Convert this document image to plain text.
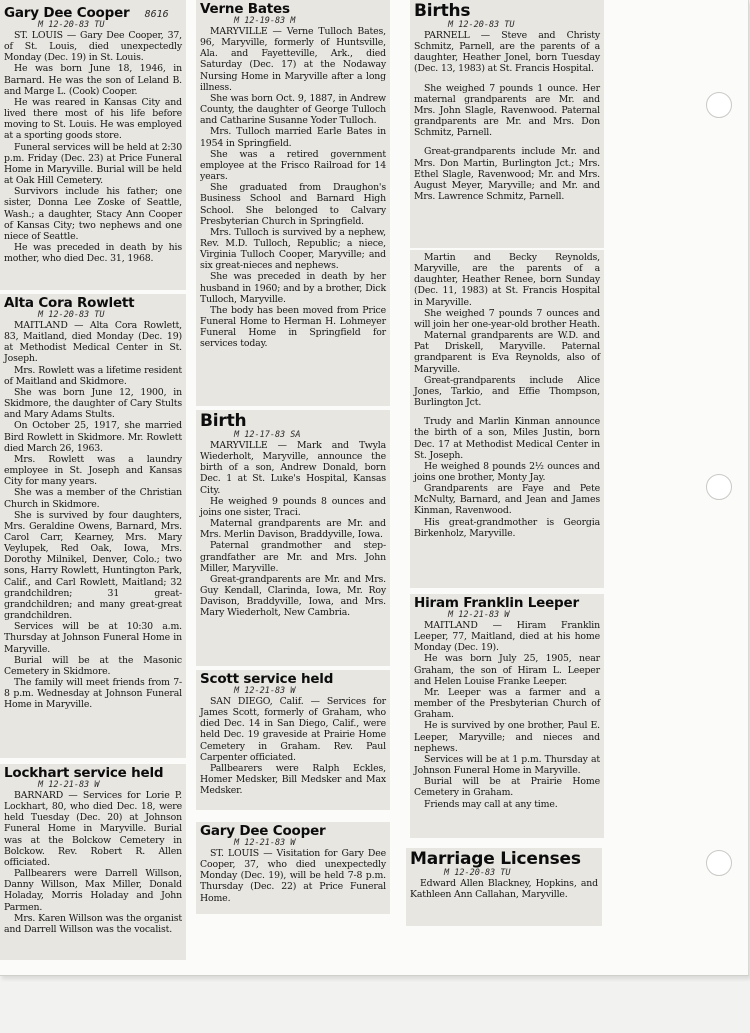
Gary Dee Cooper 8616
M 12-20-83 TU

ST. LOUIS — Gary Dee Cooper, 37, of St. Louis, died unexpectedly Monday (Dec. 19) in St. Louis.

He was born June 18, 1946, in Barnard. He was the son of Leland B. and Marge L. (Cook) Cooper.

He was reared in Kansas City and lived there most of his life before moving to St. Louis. He was employed at a sporting goods store.

Funeral services will be held at 2:30 p.m. Friday (Dec. 23) at Price Funeral Home in Maryville. Burial will be held at Oak Hill Cemetery.

Survivors include his father; one sister, Donna Lee Zoske of Seattle, Wash.; a daughter, Stacy Ann Cooper of Kansas City; two nephews and one niece of Seattle.

He was preceded in death by his mother, who died Dec. 31, 1968.

Alta Cora Rowlett
M 12-20-83 TU

MAITLAND — Alta Cora Rowlett, 83, Maitland, died Monday (Dec. 19) at Methodist Medical Center in St. Joseph.

Mrs. Rowlett was a lifetime resident of Maitland and Skidmore.

She was born June 12, 1900, in Skidmore, the daughter of Cary Stults and Mary Adams Stults.

On October 25, 1917, she married Bird Rowlett in Skidmore. Mr. Rowlett died March 26, 1963.

Mrs. Rowlett was a laundry employee in St. Joseph and Kansas City for many years.

She was a member of the Christian Church in Skidmore.

She is survived by four daughters, Mrs. Geraldine Owens, Barnard, Mrs. Carol Carr, Kearney, Mrs. Mary Veylupek, Red Oak, Iowa, Mrs. Dorothy Milnikel, Denver, Colo.; two sons, Harry Rowlett, Huntington Park, Calif., and Carl Rowlett, Maitland; 32 grandchildren; 31 great-grandchildren; and many great-great grandchildren.

Services will be at 10:30 a.m. Thursday at Johnson Funeral Home in Maryville.

Burial will be at the Masonic Cemetery in Skidmore.

The family will meet friends from 7-8 p.m. Wednesday at Johnson Funeral Home in Maryville.

Lockhart service held
M 12-21-83 W

BARNARD — Services for Lorie P. Lockhart, 80, who died Dec. 18, were held Tuesday (Dec. 20) at Johnson Funeral Home in Maryville. Burial was at the Bolckow Cemetery in Bolckow. Rev. Robert R. Allen officiated.

Pallbearers were Darrell Willson, Danny Willson, Max Miller, Donald Holaday, Morris Holaday and John Parmen.

Mrs. Karen Willson was the organist and Darrell Willson was the vocalist.

Verne Bates
M 12-19-83 M

MARYVILLE — Verne Tulloch Bates, 96, Maryville, formerly of Huntsville, Ala. and Fayetteville, Ark., died Saturday (Dec. 17) at the Nodaway Nursing Home in Maryville after a long illness.

She was born Oct. 9, 1887, in Andrew County, the daughter of George Tulloch and Catharine Susanne Yoder Tulloch.

Mrs. Tulloch married Earle Bates in 1954 in Springfield.

She was a retired government employee at the Frisco Railroad for 14 years.

She graduated from Draughon's Business School and Barnard High School. She belonged to Calvary Presbyterian Church in Springfield.

Mrs. Tulloch is survived by a nephew, Rev. M.D. Tulloch, Republic; a niece, Virginia Tulloch Cooper, Maryville; and six great-nieces and nephews.

She was preceded in death by her husband in 1960; and by a brother, Dick Tulloch, Maryville.

The body has been moved from Price Funeral Home to Herman H. Lohmeyer Funeral Home in Springfield for services today.

Birth
M 12-17-83 SA

MARYVILLE — Mark and Twyla Wiederholt, Maryville, announce the birth of a son, Andrew Donald, born Dec. 1 at St. Luke's Hospital, Kansas City.

He weighed 9 pounds 8 ounces and joins one sister, Traci.

Maternal grandparents are Mr. and Mrs. Merlin Davison, Braddyville, Iowa.

Paternal grandmother and step-grandfather are Mr. and Mrs. John Miller, Maryville.

Great-grandparents are Mr. and Mrs. Guy Kendall, Clarinda, Iowa, Mr. Roy Davison, Braddyville, Iowa, and Mrs. Mary Wiederholt, New Cambria.

Scott service held
M 12-21-83 W

SAN DIEGO, Calif. — Services for James Scott, formerly of Graham, who died Dec. 14 in San Diego, Calif., were held Dec. 19 graveside at Prairie Home Cemetery in Graham. Rev. Paul Carpenter officiated.

Pallbearers were Ralph Eckles, Homer Medsker, Bill Medsker and Max Medsker.

Gary Dee Cooper
M 12-21-83 W

ST. LOUIS — Visitation for Gary Dee Cooper, 37, who died unexpectedly Monday (Dec. 19), will be held 7-8 p.m. Thursday (Dec. 22) at Price Funeral Home.

Births
M 12-20-83 TU

PARNELL — Steve and Christy Schmitz, Parnell, are the parents of a daughter, Heather Jonel, born Tuesday (Dec. 13, 1983) at St. Francis Hospital.

She weighed 7 pounds 1 ounce. Her maternal grandparents are Mr. and Mrs. John Slagle, Ravenwood. Paternal grandparents are Mr. and Mrs. Don Schmitz, Parnell.

Great-grandparents include Mr. and Mrs. Don Martin, Burlington Jct.; Mrs. Ethel Slagle, Ravenwood; Mr. and Mrs. August Meyer, Maryville; and Mr. and Mrs. Lawrence Schmitz, Parnell.

Martin and Becky Reynolds, Maryville, are the parents of a daughter, Heather Renee, born Sunday (Dec. 11, 1983) at St. Francis Hospital in Maryville.

She weighed 7 pounds 7 ounces and will join her one-year-old brother Heath.

Maternal grandparents are W.D. and Pat Driskell, Maryville. Paternal grandparent is Eva Reynolds, also of Maryville.

Great-grandparents include Alice Jones, Tarkio, and Effie Thompson, Burlington Jct.

Trudy and Marlin Kinman announce the birth of a son, Miles Justin, born Dec. 17 at Methodist Medical Center in St. Joseph.

He weighed 8 pounds 2½ ounces and joins one brother, Monty Jay.

Grandparents are Faye and Pete McNulty, Barnard, and Jean and James Kinman, Ravenwood.

His great-grandmother is Georgia Birkenholz, Maryville.

Hiram Franklin Leeper
M 12-21-83 W

MAITLAND — Hiram Franklin Leeper, 77, Maitland, died at his home Monday (Dec. 19).

He was born July 25, 1905, near Graham, the son of Hiram L. Leeper and Helen Louise Franke Leeper.

Mr. Leeper was a farmer and a member of the Presbyterian Church of Graham.

He is survived by one brother, Paul E. Leeper, Maryville; and nieces and nephews.

Services will be at 1 p.m. Thursday at Johnson Funeral Home in Maryville.

Burial will be at Prairie Home Cemetery in Graham.

Friends may call at any time.

Marriage Licenses
M 12-20-83 TU

Edward Allen Blackney, Hopkins, and Kathleen Ann Callahan, Maryville.
